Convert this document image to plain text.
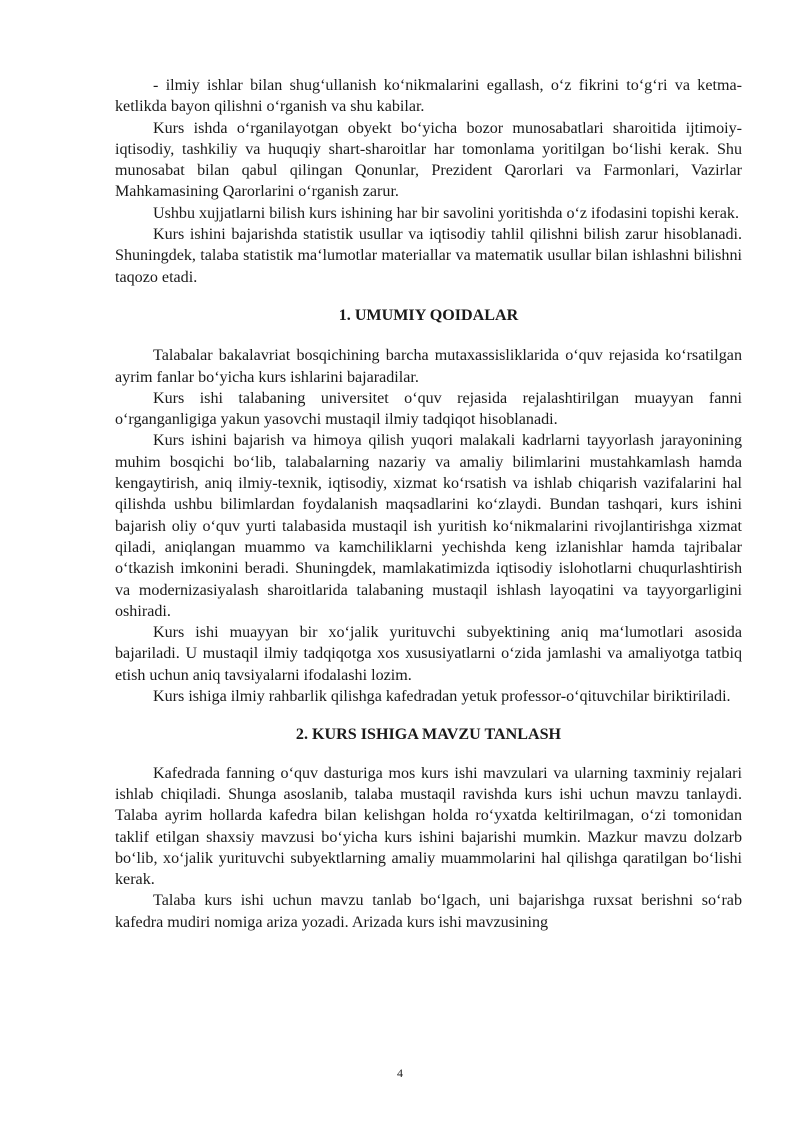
- ilmiy ishlar bilan shug‘ullanish ko‘nikmalarini egallash, o‘z fikrini to‘g‘ri va ketma-ketlikda bayon qilishni o‘rganish va shu kabilar.

Kurs ishda o‘rganilayotgan obyekt bo‘yicha bozor munosabatlari sharoitida ijtimoiy-iqtisodiy, tashkiliy va huquqiy shart-sharoitlar har tomonlama yoritilgan bo‘lishi kerak. Shu munosabat bilan qabul qilingan Qonunlar, Prezident Qarorlari va Farmonlari, Vazirlar Mahkamasining Qarorlarini o‘rganish zarur.

Ushbu xujjatlarni bilish kurs ishining har bir savolini yoritishda o‘z ifodasini topishi kerak.

Kurs ishini bajarishda statistik usullar va iqtisodiy tahlil qilishni bilish zarur hisoblanadi. Shuningdek, talaba statistik ma‘lumotlar materiallar va matematik usullar bilan ishlashni bilishni taqozo etadi.

1. UMUMIY QOIDALAR

Talabalar bakalavriat bosqichining barcha mutaxassisliklarida o‘quv rejasida ko‘rsatilgan ayrim fanlar bo‘yicha kurs ishlarini bajaradilar.

Kurs ishi talabaning universitet o‘quv rejasida rejalashtirilgan muayyan fanni o‘rganganligiga yakun yasovchi mustaqil ilmiy tadqiqot hisoblanadi.

Kurs ishini bajarish va himoya qilish yuqori malakali kadrlarni tayyorlash jarayonining muhim bosqichi bo‘lib, talabalarning nazariy va amaliy bilimlarini mustahkamlash hamda kengaytirish, aniq ilmiy-texnik, iqtisodiy, xizmat ko‘rsatish va ishlab chiqarish vazifalarini hal qilishda ushbu bilimlardan foydalanish maqsadlarini ko‘zlaydi. Bundan tashqari, kurs ishini bajarish oliy o‘quv yurti talabasida mustaqil ish yuritish ko‘nikmalarini rivojlantirishga xizmat qiladi, aniqlangan muammo va kamchiliklarni yechishda keng izlanishlar hamda tajribalar o‘tkazish imkonini beradi. Shuningdek, mamlakatimizda iqtisodiy islohotlarni chuqurlashtirish va modernizasiyalash sharoitlarida talabaning mustaqil ishlash layoqatini va tayyorgarligini oshiradi.

Kurs ishi muayyan bir xo‘jalik yurituvchi subyektining aniq ma‘lumotlari asosida bajariladi. U mustaqil ilmiy tadqiqotga xos xususiyatlarni o‘zida jamlashi va amaliyotga tatbiq etish uchun aniq tavsiyalarni ifodalashi lozim.

Kurs ishiga ilmiy rahbarlik qilishga kafedradan yetuk professor-o‘qituvchilar biriktiriladi.

2. KURS ISHIGA MAVZU TANLASH

Kafedrada fanning o‘quv dasturiga mos kurs ishi mavzulari va ularning taxminiy rejalari ishlab chiqiladi. Shunga asoslanib, talaba mustaqil ravishda kurs ishi uchun mavzu tanlaydi. Talaba ayrim hollarda kafedra bilan kelishgan holda ro‘yxatda keltirilmagan, o‘zi tomonidan taklif etilgan shaxsiy mavzusi bo‘yicha kurs ishini bajarishi mumkin. Mazkur mavzu dolzarb bo‘lib, xo‘jalik yurituvchi subyektlarning amaliy muammolarini hal qilishga qaratilgan bo‘lishi kerak.

Talaba kurs ishi uchun mavzu tanlab bo‘lgach, uni bajarishga ruxsat berishni so‘rab kafedra mudiri nomiga ariza yozadi. Arizada kurs ishi mavzusining

4
